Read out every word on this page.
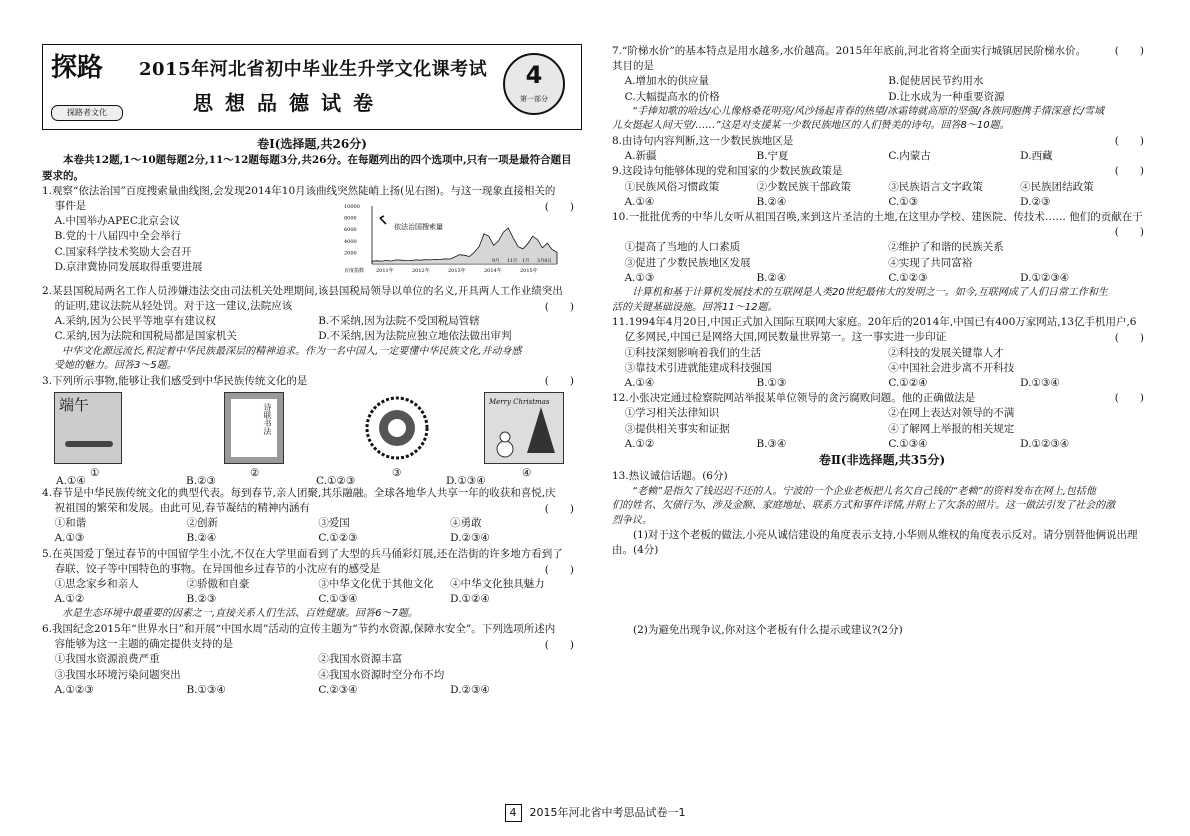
探路
探路者文化
2015年河北省初中毕业生升学文化课考试
思想品德试卷
4
第一部分

卷Ⅰ(选择题,共26分)

本卷共12题,1～10题每题2分,11～12题每题3分,共26分。在每题列出的四个选项中,只有一项是最符合题目要求的。

1.观察“依法治国”百度搜索量曲线图,会发现2014年10月该曲线突然陡峭上扬(见右图)。与这一现象直接相关的

事件是	(　　)

A.中国举办APEC北京会议

B.党的十八届四中全会举行

C.国家科学技术奖励大会召开

D.京津冀协同发展取得重要进展

10000
8000
6000
4000
2000
依法治国搜索量
百度指数 2011年	2012年	2013年	2014年	2015年
9月 11月 1月 3月8日

2.某县国税局两名工作人员涉嫌违法交由司法机关处理期间,该县国税局领导以单位的名义,开具两人工作业绩突出

的证明,建议法院从轻处罚。对于这一建议,法院应该	(　　)
A.采纳,因为公民平等地享有建议权	B.不采纳,因为法院不受国税局管辖
C.采纳,因为法院和国税局都是国家机关	D.不采纳,因为法院应独立地依法做出审判

中华文化源远流长,积淀着中华民族最深层的精神追求。作为一名中国人,一定要懂中华民族文化,并动身感

受她的魅力。回答3～5题。

3.下列所示事物,能够让我们感受到中华民族传统文化的是	(　　)
端午	诗联书法
Merry Christmas
①	②	③	④
A.①④	B.②③	C.①②③	D.①③④

4.春节是中华民族传统文化的典型代表。每到春节,亲人团聚,其乐融融。全球各地华人共享一年的收获和喜悦,庆

祝祖国的繁荣和发展。由此可见,春节凝结的精神内涵有	(　　)
①和谐	②创新	③爱国	④勇敢
A.①③	B.②④	C.①②③	D.②③④

5.在英国爱丁堡过春节的中国留学生小沈,不仅在大学里面看到了大型的兵马俑彩灯展,还在浩街的许多地方看到了

春联、饺子等中国特色的事物。在异国他乡过春节的小沈应有的感受是	(　　)
①思念家乡和亲人	②骄傲和自豪	③中华文化优于其他文化	④中华文化独具魅力
A.①②	B.②③	C.①③④	D.①②④

水是生态环境中最重要的因素之一,直接关系人们生活、百姓健康。回答6～7题。

6.我国纪念2015年“世界水日”和开展“中国水周”活动的宣传主题为“节约水资源,保障水安全”。下列选项所述内

容能够为这一主题的确定提供支持的是	(　　)
①我国水资源浪费严重	②我国水资源丰富
③我国水环境污染问题突出	④我国水资源时空分布不均
A.①②③	B.①③④	C.②③④	D.②③④

7.“阶梯水价”的基本特点是用水越多,水价越高。2015年年底前,河北省将全面实行城镇居民阶梯水价。其目的是

(　　)
A.增加水的供应量	B.促使居民节约用水
C.大幅提高水的价格	D.让水成为一种重要资源

“手捧知歌的哈达/心儿像格桑花明亮/风沙扬起青春的热望/冰霜铸就高原的坚强/各族同胞携手情深意长/雪域

儿女挺起人间天堂/……”这是对支援某一少数民族地区的人们赞美的诗句。回答8～10题。

8.由诗句内容判断,这一少数民族地区是	(　　)
A.新疆	B.宁夏	C.内蒙古	D.西藏

9.这段诗句能够体现的党和国家的少数民族政策是	(　　)
①民族风俗习惯政策	②少数民族干部政策	③民族语言文字政策	④民族团结政策
A.①④	B.②④	C.①③	D.②③

10.一批批优秀的中华儿女听从祖国召唤,来到这片圣洁的土地,在这里办学校、建医院、传技术…… 他们的贡献在于

(　　)
①提高了当地的人口素质	②维护了和谐的民族关系
③促进了少数民族地区发展	④实现了共同富裕
A.①③	B.②④	C.①②③	D.①②③④

计算机和基于计算机发展技术的互联网是人类20世纪最伟大的发明之一。如今,互联网成了人们日常工作和生

活的关键基础设施。回答11～12题。

11.1994年4月20日,中国正式加入国际互联网大家庭。20年后的2014年,中国已有400万家网站,13亿手机用户,6

亿多网民,中国已是网络大国,网民数量世界第一。这一事实进一步印证	(　　)
①科技深刻影响着我们的生活	②科技的发展关键靠人才
③靠技术引进就能建成科技强国	④中国社会进步离不开科技
A.①④	B.①③	C.①②④	D.①③④

12.小张决定通过检察院网站举报某单位领导的贪污腐败问题。他的正确做法是	(　　)
①学习相关法律知识	②在网上表达对领导的不满
③提供相关事实和证据	④了解网上举报的相关规定
A.①②	B.③④	C.①③④	D.①②③④

卷Ⅱ(非选择题,共35分)

13.热议诚信话题。(6分)

“老赖”是指欠了钱迟迟不还的人。宁波的一个企业老板把儿名欠自己钱的“老赖”的资料发布在网上,包括他

们的姓名、欠债行为、涉及金额、家庭地址、联系方式和事件详情,并附上了欠条的照片。这一做法引发了社会的激

烈争议。

(1)对于这个老板的做法,小亮从诚信建设的角度表示支持,小华则从维权的角度表示反对。请分别替他俩说出理

由。(4分)

(2)为避免出现争议,你对这个老板有什么提示或建议?(2分)

4 2015年河北省中考思品试卷一1
